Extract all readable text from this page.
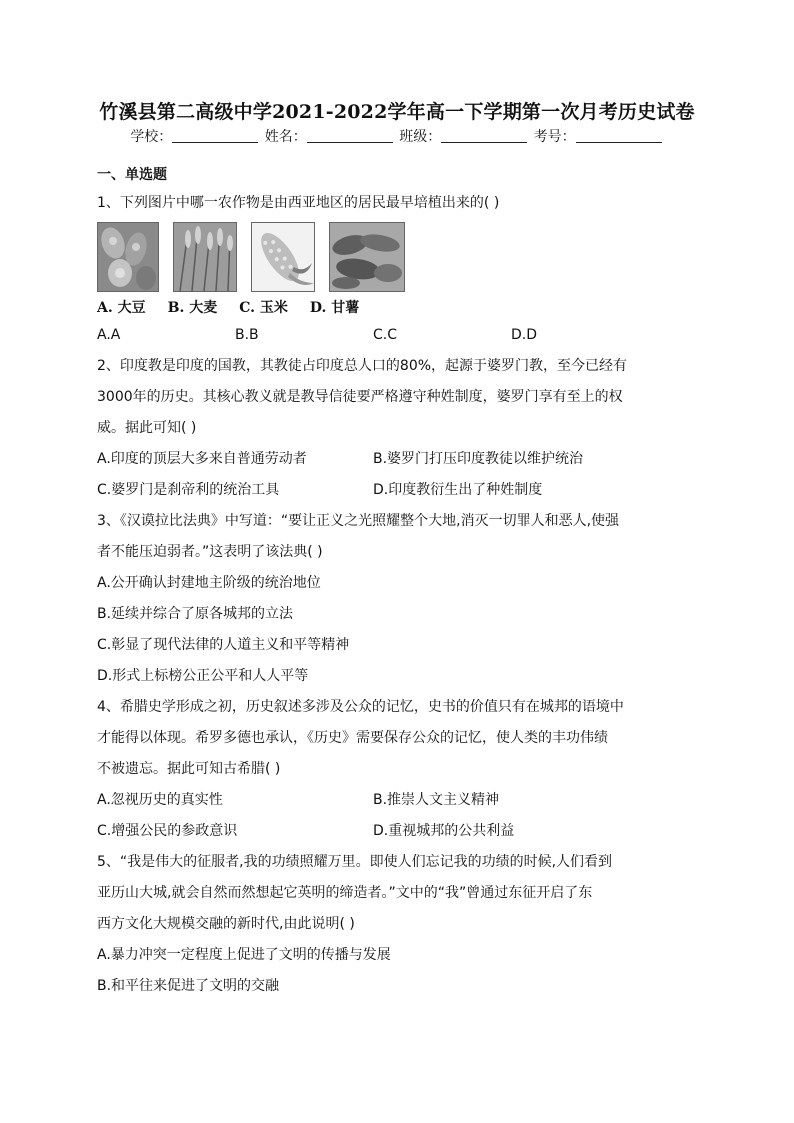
竹溪县第二高级中学2021-2022学年高一下学期第一次月考历史试卷
学校：	姓名：	班级：	考号：
一、单选题
1、下列图片中哪一农作物是由西亚地区的居民最早培植出来的( )
A. 大豆 B. 大麦 C. 玉米 D. 甘薯
A.A	B.B	C.C	D.D
2、印度教是印度的国教，其教徒占印度总人口的80%，起源于婆罗门教，至今已经有
3000年的历史。其核心教义就是教导信徒要严格遵守种姓制度，婆罗门享有至上的权
威。据此可知( )
A.印度的顶层大多来自普通劳动者	B.婆罗门打压印度教徒以维护统治
C.婆罗门是刹帝利的统治工具	D.印度教衍生出了种姓制度
3、《汉谟拉比法典》中写道：“要让正义之光照耀整个大地,消灭一切罪人和恶人,使强
者不能压迫弱者。”这表明了该法典( )
A.公开确认封建地主阶级的统治地位
B.延续并综合了原各城邦的立法
C.彰显了现代法律的人道主义和平等精神
D.形式上标榜公正公平和人人平等
4、希腊史学形成之初，历史叙述多涉及公众的记忆，史书的价值只有在城邦的语境中
才能得以体现。希罗多德也承认，《历史》需要保存公众的记忆，使人类的丰功伟绩
不被遗忘。据此可知古希腊( )
A.忽视历史的真实性	B.推崇人文主义精神
C.增强公民的参政意识	D.重视城邦的公共利益
5、“我是伟大的征服者,我的功绩照耀万里。即使人们忘记我的功绩的时候,人们看到
亚历山大城,就会自然而然想起它英明的缔造者。”文中的“我”曾通过东征开启了东
西方文化大规模交融的新时代,由此说明( )
A.暴力冲突一定程度上促进了文明的传播与发展
B.和平往来促进了文明的交融
